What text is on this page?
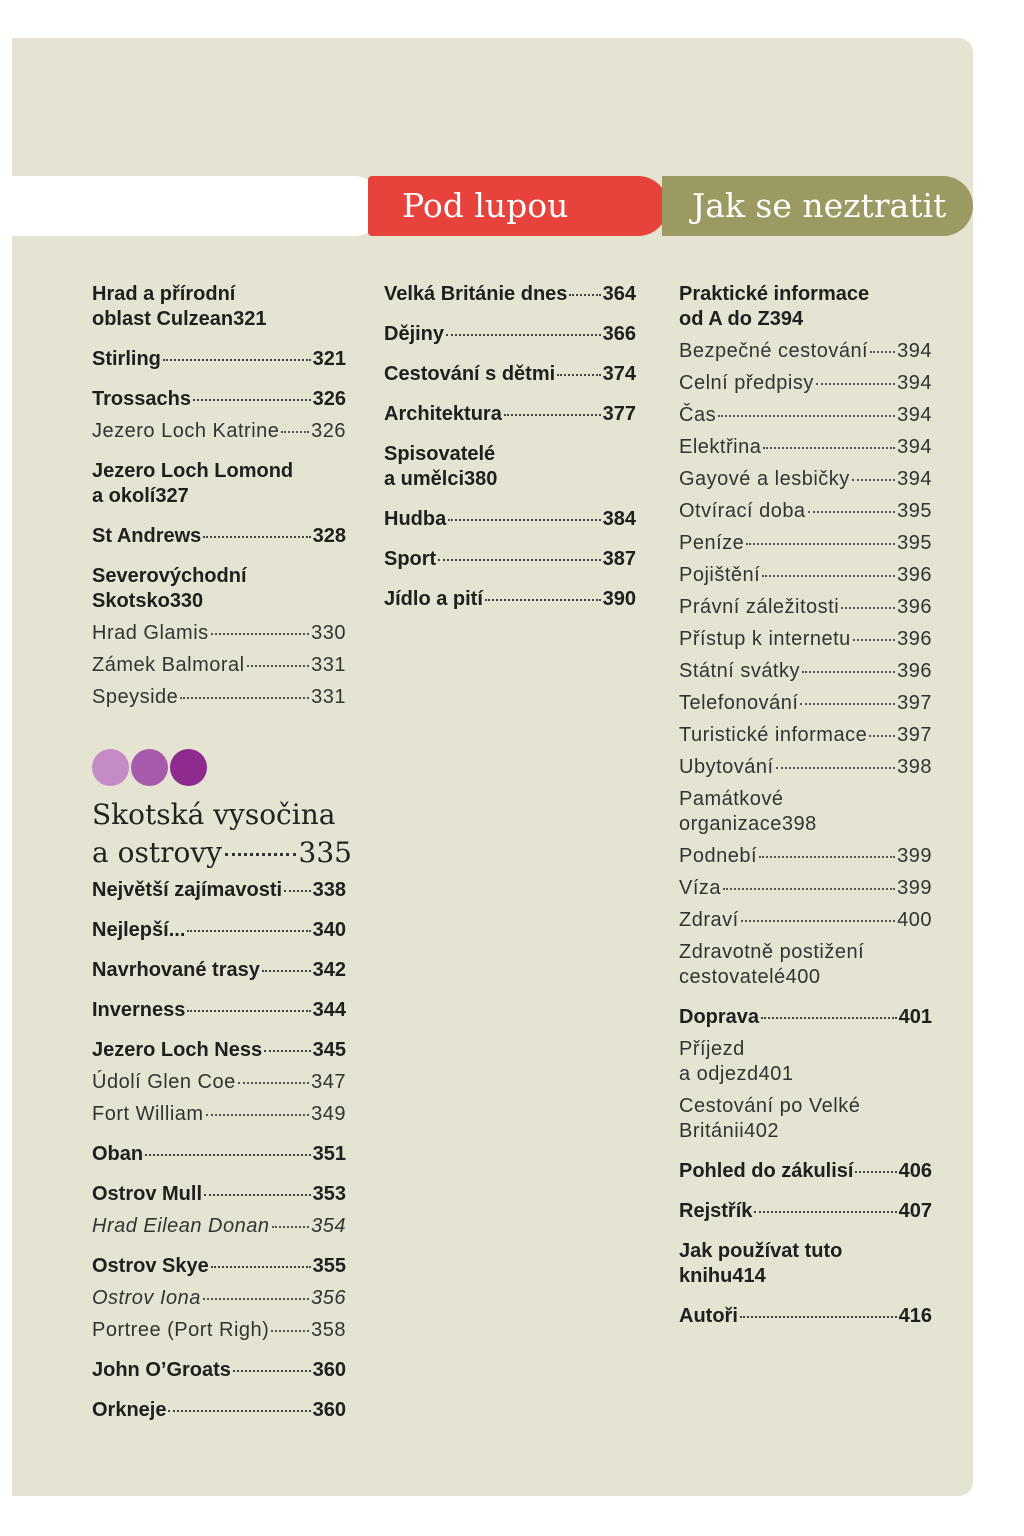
Pod lupou	Jak se neztratit
Hrad a přírodní
oblast Culzean 321
Stirling	321
Trossachs	326
Jezero Loch Katrine 326
Jezero Loch Lomond
a okolí 327
St Andrews	328
Severovýchodní
Skotsko 330
Hrad Glamis	330
Zámek Balmoral	331
Speyside	331
Skotská vysočina
a ostrovy	335
Největší zajímavosti 338
Nejlepší...	340
Navrhované trasy	342
Inverness	344
Jezero Loch Ness	345
Údolí Glen Coe	347
Fort William	349
Oban	351
Ostrov Mull	353
Hrad Eilean Donan 354
Ostrov Skye	355
Ostrov Iona	356
Portree (Port Righ) 358
John O’Groats	360
Orkneje	360
Velká Británie dnes 364
Dějiny	366
Cestování s dětmi 374
Architektura	377
Spisovatelé
a umělci 380
Hudba	384
Sport	387
Jídlo a pití	390
Praktické informace
od A do Z 394
Bezpečné cestování 394
Celní předpisy	394
Čas	394
Elektřina	394
Gayové a lesbičky 394
Otvírací doba	395
Peníze	395
Pojištění	396
Právní záležitosti	396
Přístup k internetu 396
Státní svátky	396
Telefonování	397
Turistické informace 397
Ubytování	398
Památkové
organizace 398
Podnebí	399
Víza	399
Zdraví	400
Zdravotně postižení
cestovatelé 400
Doprava	401
Příjezd
a odjezd 401
Cestování po Velké
Británii 402
Pohled do zákulisí 406
Rejstřík	407
Jak používat tuto
knihu 414
Autoři	416
